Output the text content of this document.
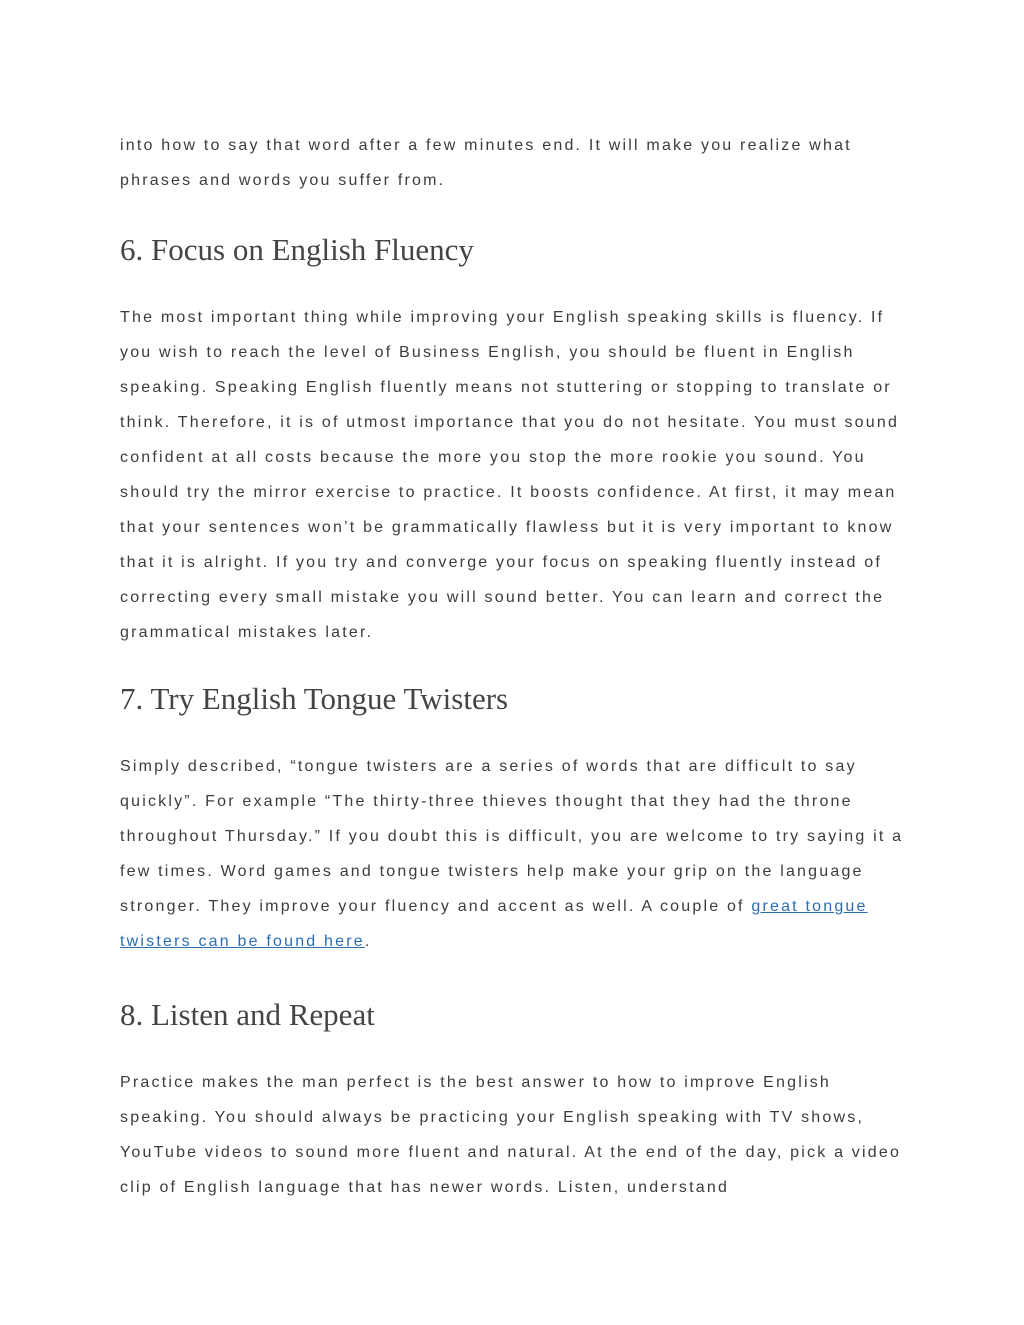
into how to say that word after a few minutes end. It will make you realize what phrases and words you suffer from.

6. Focus on English Fluency

The most important thing while improving your English speaking skills is fluency. If you wish to reach the level of Business English, you should be fluent in English speaking. Speaking English fluently means not stuttering or stopping to translate or think. Therefore, it is of utmost importance that you do not hesitate. You must sound confident at all costs because the more you stop the more rookie you sound. You should try the mirror exercise to practice. It boosts confidence. At first, it may mean that your sentences won’t be grammatically flawless but it is very important to know that it is alright. If you try and converge your focus on speaking fluently instead of correcting every small mistake you will sound better. You can learn and correct the grammatical mistakes later.

7. Try English Tongue Twisters

Simply described, “tongue twisters are a series of words that are difficult to say quickly”. For example “The thirty-three thieves thought that they had the throne throughout Thursday.” If you doubt this is difficult, you are welcome to try saying it a few times. Word games and tongue twisters help make your grip on the language stronger. They improve your fluency and accent as well. A couple of great tongue twisters can be found here.

8. Listen and Repeat

Practice makes the man perfect is the best answer to how to improve English speaking. You should always be practicing your English speaking with TV shows, YouTube videos to sound more fluent and natural. At the end of the day, pick a video clip of English language that has newer words. Listen, understand
